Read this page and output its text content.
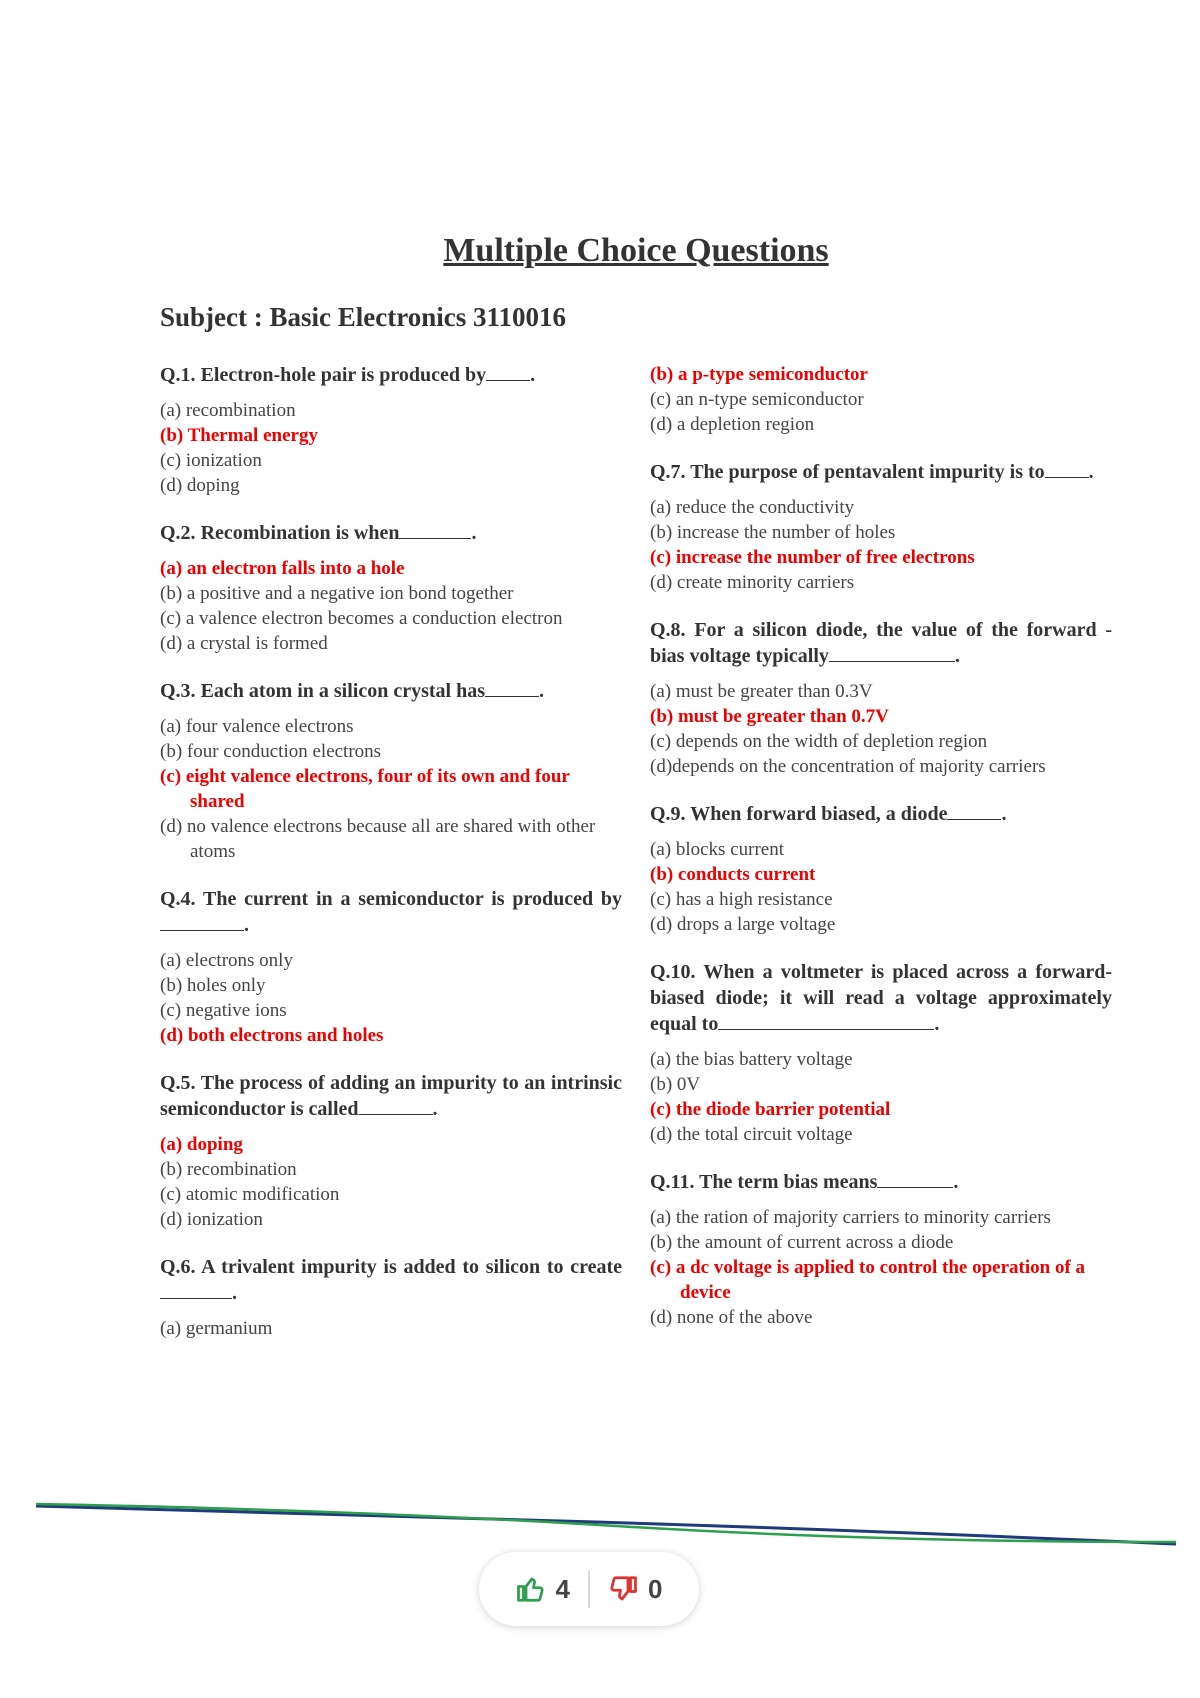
Multiple Choice Questions
Subject : Basic Electronics 3110016
Q.1. Electron-hole pair is produced by .
(a) recombination
(b) Thermal energy
(c) ionization
(d) doping
Q.2. Recombination is when	.
(a) an electron falls into a hole
(b) a positive and a negative ion bond together
(c) a valence electron becomes a conduction electron
(d) a crystal is formed
Q.3. Each atom in a silicon crystal has	.
(a) four valence electrons
(b) four conduction electrons
(c) eight valence electrons, four of its own and four shared
(d) no valence electrons because all are shared with other atoms
Q.4. The current in a semiconductor is produced by.
(a) electrons only
(b) holes only
(c) negative ions
(d) both electrons and holes
Q.5. The process of adding an impurity to an intrinsic semiconductor is called	.
(a) doping
(b) recombination
(c) atomic modification
(d) ionization
Q.6. A trivalent impurity is added to silicon to create.
(a) germanium
(b) a p-type semiconductor
(c) an n-type semiconductor
(d) a depletion region
Q.7. The purpose of pentavalent impurity is to .
(a) reduce the conductivity
(b) increase the number of holes
(c) increase the number of free electrons
(d) create minority carriers
Q.8. For a silicon diode, the value of the forward - bias voltage typically	.
(a) must be greater than 0.3V
(b) must be greater than 0.7V
(c) depends on the width of depletion region
(d)depends on the concentration of majority carriers
Q.9. When forward biased, a diode	.
(a) blocks current
(b) conducts current
(c) has a high resistance
(d) drops a large voltage
Q.10. When a voltmeter is placed across a forward-biased diode; it will read a voltage approximately equal to	.
(a) the bias battery voltage
(b) 0V
(c) the diode barrier potential
(d) the total circuit voltage
Q.11. The term bias means	.
(a) the ration of majority carriers to minority carriers
(b) the amount of current across a diode
(c) a dc voltage is applied to control the operation of a device
(d) none of the above
4	0
